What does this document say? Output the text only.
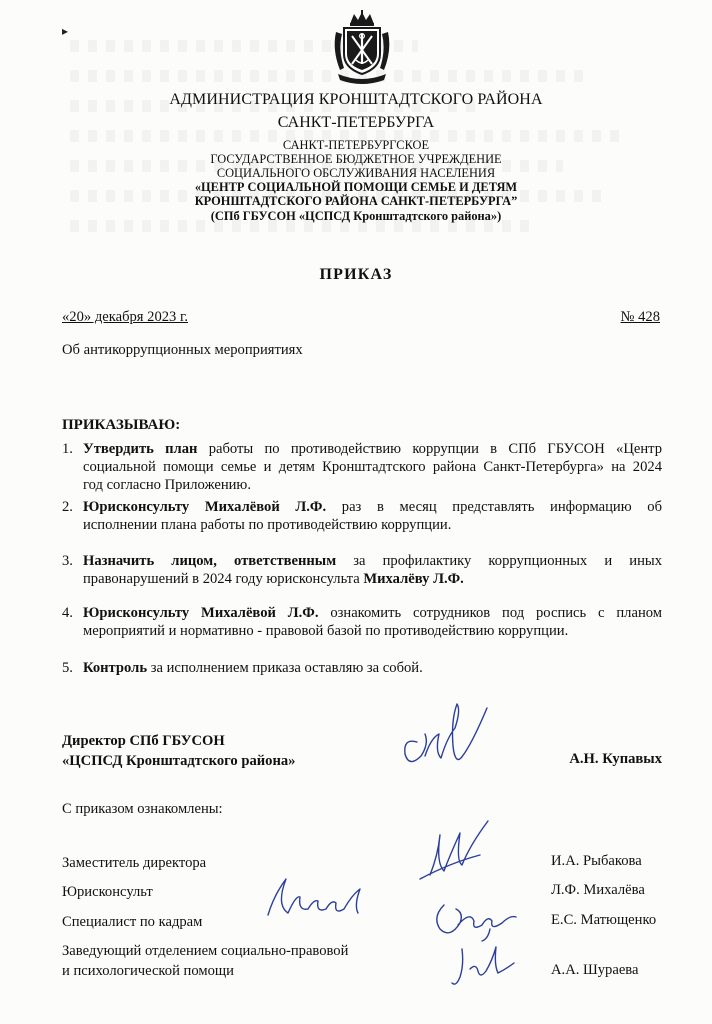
▸
АДМИНИСТРАЦИЯ КРОНШТАДТСКОГО РАЙОНА
САНКТ-ПЕТЕРБУРГА
САНКТ-ПЕТЕРБУРГСКОЕ
ГОСУДАРСТВЕННОЕ БЮДЖЕТНОЕ УЧРЕЖДЕНИЕ
СОЦИАЛЬНОГО ОБСЛУЖИВАНИЯ НАСЕЛЕНИЯ
«ЦЕНТР СОЦИАЛЬНОЙ ПОМОЩИ СЕМЬЕ И ДЕТЯМ
КРОНШТАДТСКОГО РАЙОНА САНКТ-ПЕТЕРБУРГА”
(СПб ГБУСОН «ЦСПСД Кронштадтского района»)
ПРИКАЗ
«20» декабря 2023 г.	№ 428
Об антикоррупционных мероприятиях
ПРИКАЗЫВАЮ:
1. Утвердить план работы по противодействию коррупции в СПб ГБУСОН «Центр
социальной помощи семье и детям Кронштадтского района Санкт-Петербурга» на 2024
год согласно Приложению.
2. Юрисконсульту Михалёвой Л.Ф. раз в месяц представлять информацию об
исполнении плана работы по противодействию коррупции.
3. Назначить лицом, ответственным за профилактику коррупционных и иных
правонарушений в 2024 году юрисконсульта Михалёву Л.Ф.
4. Юрисконсульту Михалёвой Л.Ф. ознакомить сотрудников под роспись с планом
мероприятий и нормативно - правовой базой по противодействию коррупции.
5. Контроль за исполнением приказа оставляю за собой.
Директор СПб ГБУСОН
«ЦСПСД Кронштадтского района»	А.Н. Купавых
С приказом ознакомлены:
Заместитель директора	И.А. Рыбакова
Юрисконсульт	Л.Ф. Михалёва
Специалист по кадрам	Е.С. Матющенко
Заведующий отделением социально-правовой
и психологической помощи	А.А. Шураева
